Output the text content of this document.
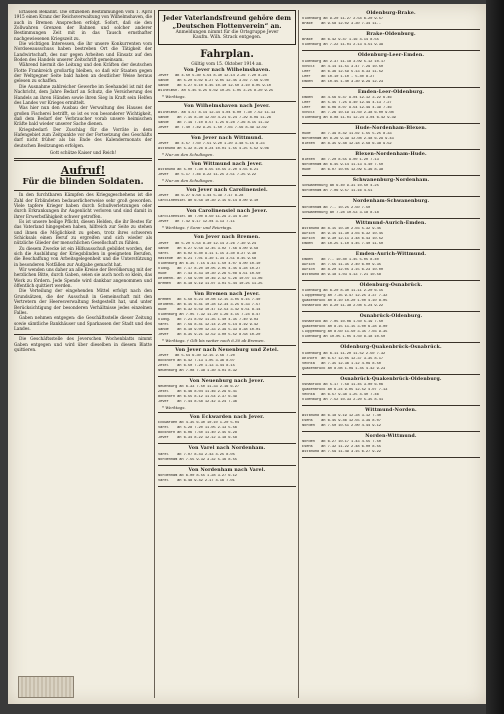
Erlassen Bekannt. Die offiziellen Bestimmungen vom 1. April 1915 einen Kranz der Reichsverwaltung von Wilhelmshaven, die auch in Bremen Ansprechen erfolgt. Sofort, daß sie den Zollwahren Grenzen der Bahnen und solcher anderer Bestimmungen Zeit mit in das Tausch ernsthafter nachgewiesenen Kriegszeit zu.

Die wichtigen Interessen, die ihr unsere Konkurrenten vom Nordseeausschuss haben bestreben Ort die Tätigkeit der Landwirtschaft, des nur gegen Arbeiten und Einsatz auf den Boden des Handels unserer Zeitschrift gemeinsam.

Während hiermit die Leitung und den Kräften der deutschen Flotte Frankreich großartig bleiben, so daß wir Staaten gegen der Weltgegner Seite bald haben an deutlicher Weise heraus gelesen zu schaffen.

Die Ausnahme zahlreicher Gewerbe im Seehandel ist mit der Nachricht, dem Jahre Bedarf an Schutz, die Versicherung des Handels an ihren Händen sowie ihren Sieg in Kraft sein Helfen des Landes vor Krieges ermittelt.

Was hier nun den Ausbau der Verwaltung des Hauses der großen Fischerei betrifft, so ist es von besonderer Wichtigkeit, daß dem Bedarf der Verbraucher vorab unsere heimischen Kräfte bald wieder unserer Sache dienen.

Kriegsbedarf: Der Zuschlag für die Vorräte in dem Hafengebiet zum Zeitpunkte vor der Fortsetzung des Geschäfts darf nicht früher als bis Ende des Kalendermonats der deutschen Besitzungen erfolgen.

Gott schütze Kaiser und Reich!

Aufruf!
Für die blinden Soldaten.

In den furchtbaren Kämpfen des Kriegsgeschehens ist die Zahl der Erblindeten bedauerlicherweise sehr groß geworden. Viele tapfere Krieger haben durch Schußverletzungen oder durch Erkrankungen ihr Augenlicht verloren und sind damit in ihrer Erwerbsfähigkeit schwer getroffen.

Es ist unsere heilige Pflicht, diesen Helden, die ihr Bestes für das Vaterland hingegeben haben, hilfreich zur Seite zu stehen und ihnen die Möglichkeit zu geben, trotz ihres schweren Schicksals einen Beruf zu ergreifen und sich wieder als nützliche Glieder der menschlichen Gesellschaft zu fühlen.

Zu diesem Zwecke ist ein Hilfsausschuß gebildet worden, der sich die Ausbildung der Kriegsblinden in geeigneten Berufen, die Beschaffung von Arbeitsgelegenheit und die Unterstützung in besonderen Notfällen zur Aufgabe gemacht hat.

Wir wenden uns daher an alle Kreise der Bevölkerung mit der herzlichen Bitte, durch Gaben, seien sie auch noch so klein, das Werk zu fördern. Jede Spende wird dankbar angenommen und öffentlich quittiert werden.

Die Verteilung der eingehenden Mittel erfolgt nach den Grundsätzen, die der Ausschuß in Gemeinschaft mit den Vertretern der Heeresverwaltung festgestellt hat, und unter Berücksichtigung der besonderen Verhältnisse jedes einzelnen Falles.

Gaben nehmen entgegen: die Geschäftsstelle dieser Zeitung sowie sämtliche Bankhäuser und Sparkassen der Stadt und des Landes.

Die Geschäftsstelle des Jeverschen Wochenblatts nimmt Gaben entgegen und wird über dieselben in diesem Blatte quittieren.

Jeder Vaterlandsfreund gehöre dem
„Deutschen Flottenverein“ an.
Anmeldungen nimmt für die Ortsgruppe Jever
Kaufm. Wilh. Strack entgegen.
Fahrplan.
Gültig vom 15. Oktober 1914 an.
Von Jever nach Wilhelmshaven.
Jever   ab 4.50 5.30 5.54 8.30 12.14 2.26 7.20 8.24
Sande    an 5.20 6.02 6.27 9.05 12.45 3.02 7.56 9.00
Sande    ab 5.27 6.10 6.45 10.10 12.50 3.10 8.05 9.10
Wilhelmsh. an 5.45 6.25 6.59 10.25 1.05 3.25 8.20 9.25
* Werktags.
Von Wilhelmshaven nach Jever.
Wilhelmsh. ab 4.57 8.14 12.34 4.04 6.00 7.30 7.52 11.13
Sande    an 7.15 8.30 12.50 4.21 6.24 7.29 8.09 11.26
Sande    ab 7.19 7.10 8.57 1.25 6.28 7.26 8.15 11.32
Jever   an 7.40 7.49 9.25 1.50 7.03 7.56 8.49 12.02
Von Jever nach Wittmund.
Jever   ab 4.57 7.50 7.51 9.20 1.20 3.48 5.15 8.23
Wittmund an 5.32 8.26 8.24 10.01 1.55 4.25 5.52 9.06
* Nur an den Schultagen.
Von Wittmund nach Jever.
Wittmund ab 5.00 7.30 6.55 10.55 2.20 4.55 6.21
Jever   an 5.17 7.46 9.22 11.25 2.51 7.25 9.22
* Nur an den Schultagen.
Von Jever nach Carolinensiel.
Jever   ab 6.27 9.58 1.44 5.39 7.17 8.28
Carolinensiel an 6.58 10.30 2.15 6.14 8.00 9.10
Von Carolinensiel nach Jever.
Carolinensiel ab 7.00 8.50 11.29 2.34 6.30
Jever   an 7.42 9.17 12.04 3.13 7.11
* Werktags. † Sonn- und Feiertags.
Von Jever nach Bremen.
Jever   ab 5.20 5.54 8.30 12.14 2.26 7.30 9.24
Sande    an 6.27 9.58 12.45 3.02 7.56 9.00 9.58
Varel    an 6.02 6.40 9.11 1.15 3.30 8.27 9.38
Rastede  an 6.21 7.01 9.30 1.34 3.51 8.45 9.58
Oldenburg an 6.35 7.15 9.43 1.50 4.07 9.00 10.10
Oldbg.   ab 7.17 8.20 10.05 2.05 4.45 9.28 10.27
Hude     an 7.43 8.43 10.30 2.26 5.08 9.51 10.50
Delmenh. an 7.58 9.00 10.46 2.42 5.26 10.07 11.06
Bremen   an 8.18 9.19 11.07 3.01 5.44 10.25 11.25
Von Bremen nach Jever.
Bremen   ab 5.58 6.23 10.08 12.15 3.05 6.15 7.40
Delmenh. an 6.15 6.41 10.28 12.34 3.25 6.33 7.57
Hude     an 6.32 6.59 10.47 12.53 3.42 6.51 8.14
Oldenburg an 7.05 7.32 11.20 1.26 4.15 7.24 8.47
Oldbg.   ab 7.21 8.02 11.35 1.40 4.35 7.40 9.03
Varel    an 7.59 8.41 12.14 2.20 5.14 8.19 9.42
Sande    an 8.18 9.00 12.33 2.39 5.33 8.38 10.01
Jever    an 8.35 9.21 12.52 3.00 5.52 8.58 10.20
* Werktags. † Gilt bis weiter noch 6.30 ab Bremen.
Von Jever nach Neuenburg und Zetel.
Jever   ab 5.54 6.30 12.15 2.56 7.20
Bockhorn an 6.42 7.13 1.05 3.36 8.07
Zetel    an 6.50 7.20 1.13 3.44 8.15
Neuenburg an 7.08 7.38 1.30 4.01 8.32
Von Neuenburg nach Jever.
Neuenburg ab 6.33 7.50 11.33 2.16 6.27
Zetel    an 6.46 8.04 11.46 2.29 6.41
Bockhorn an 6.55 8.12 11.54 2.37 6.49
Jever    an 7.44 8.58 12.42 3.24 7.36
* Werktags.
Von Eckwarden nach Jever.
Eckwarden ab 4.35 6.30 10.10 1.20 5.04
Varel    an 5.28 7.20 11.05 2.13 5.56
Bockhorn an 6.06 7.50 11.40 2.45 6.28
Jever    an 6.34 8.22 12.12 3.18 6.58
Von Varel nach Nordenham.
Varel    ab 7.07 8.43 2.43 4.25 8.05
Nordenham an 7.55 9.32 3.32 5.16 8.55
Von Nordenham nach Varel.
Nordenham ab 6.00 8.55 1.28 3.27 6.12
Varel    an 6.48 9.42 2.17 4.16 7.01
Oldenburg-Brake.
Oldenburg ab 9.20 11.27 2.54 6.20 9.57
Brake    an 9.58 12.02 3.30 7.34 11.-
Brake-Oldenburg.
Brake    ab 6.42 9.47 1.16 4.14 8.55
Oldenburg an 7.22 11.01 2.13 4.51 9.39
Oldenburg-Leer-Emden.
Oldenburg ab 2.37 11.18 3.09 5.12 10.17
Ocholt   an 4.14 11.51 3.47 7.29 10.50
Leer     an 6.36 12.59 5.13 8.33 11.52
Leer     ab 10.10 1.10 - 5.40 8.27
Emden    an 10.45 1.40 3.30 9.29 12.23
Emden-Leer-Oldenburg.
Emden    ab 4.56 6.47 9.04 12.12 3.22 6.46
Leer     an 5.45 7.25 9.40 12.49 4.13 7.27
Leer     ab 6.06 8.07 9.54 12.49 4.39 7.46
Ocholt   an 7.26 10.19 11.50 2.38 6.00 9.08
Oldenburg an 8.08 11.01 12.24 3.04 6.42 9.39
Hude-Nordenham-Blexen.
Hude     ab 7.39 8.42 11.02 1.55 5.25 8.33
Nordenham an 8.26 9.39 12.08 2.48 6.29 9.43
Blexen   an 8.35 9.48 12.18 2.58 6.38 9.52
Blexen-Nordenham-Hude.
Blexen   ab 7.20 8.55 9.00 1.20 7.13
Nordenham ab 6.45 9.14 11.13 4.40 7.50
Hude     an 6.07 10.05 12.09 5.36 8.38
Schwanenburg-Nordenham.
Schwanenburg ab 6.40 9.31 10.50 4.25
Nordenham an 7.06 9.57 11.16 4.51
Nordenham-Schwanenburg.
Nordenham ab 7.- 10.25 2.50 7.50
Schwanenburg an 7.28 10.53 3.18 8.18
Wittmund-Aurich-Emden.
Wittmund ab 8.15 10.30 2.03 5.32 9.45
Aurich   an 9.15 11.30 3.03 6.32 10.45
Aurich   ab 9.30 12.11 3.48 6.43 10.52
Emden    an 10.25 1.10 4.45 7.40 11.50
Emden-Aurich-Wittmund.
Emden    ab 7.- 10.40 1.45 5.05 8.40
Aurich   an 7.55 11.35 2.40 6.00 9.35
Aurich   ab 8.20 12.05 3.15 6.23 10.00
Wittmund an 9.18 1.03 4.13 7.21 10.58
Oldenburg-Osnabrück.
Oldenburg ab 6.20 8.30 11.11 2.20 6.15
Cloppenburg an 7.35 9.47 12.25 3.37 7.32
Quakenbrück an 8.10 10.20 1.00 4.10 8.05
Osnabrück an 9.20 11.38 2.08 5.24 9.22
Osnabrück-Oldenburg.
Osnabrück ab 7.05 10.06 1.50 5.19 7.50
Quakenbrück an 8.15 11.15 3.00 6.28 9.00
Cloppenburg an 8.50 11.50 3.35 7.03 9.35
Oldenburg an 10.05 1.05 4.50 8.18 10.50
Oldenburg-Quakenbrück-Osnabrück.
Oldenburg ab 6.11 11.20 11.52 2.50 7.32
Ahlhorn  an 6.57 12.05 12.37 3.35 8.17
Vechta   an 7.35 12.36 1.12 4.09 8.50
Quakenbrück an 8.08 1.09 1.45 4.42 9.23
Osnabrück-Quakenbrück-Oldenburg.
Osnabrück ab 5.17 7.58 11.45 3.00 6.06
Quakenbrück an 6.24 9.05 12.52 4.07 7.13
Vechta   an 6.57 9.38 1.25 4.40 7.46
Oldenburg an 7.52 10.33 2.20 5.35 8.41
Wittmund-Norden.
Wittmund ab 6.18 9.19 12.28 3.12 7.40
Esens    an 6.45 9.46 12.55 3.39 8.07
Norden   an 7.50 10.51 2.00 4.44 9.12
Norden-Wittmund.
Norden   ab 6.27 10.17 1.43 4.55 7.50
Esens    an 7.32 11.22 2.48 6.00 8.55
Wittmund an 7.59 11.49 3.15 6.27 9.22
